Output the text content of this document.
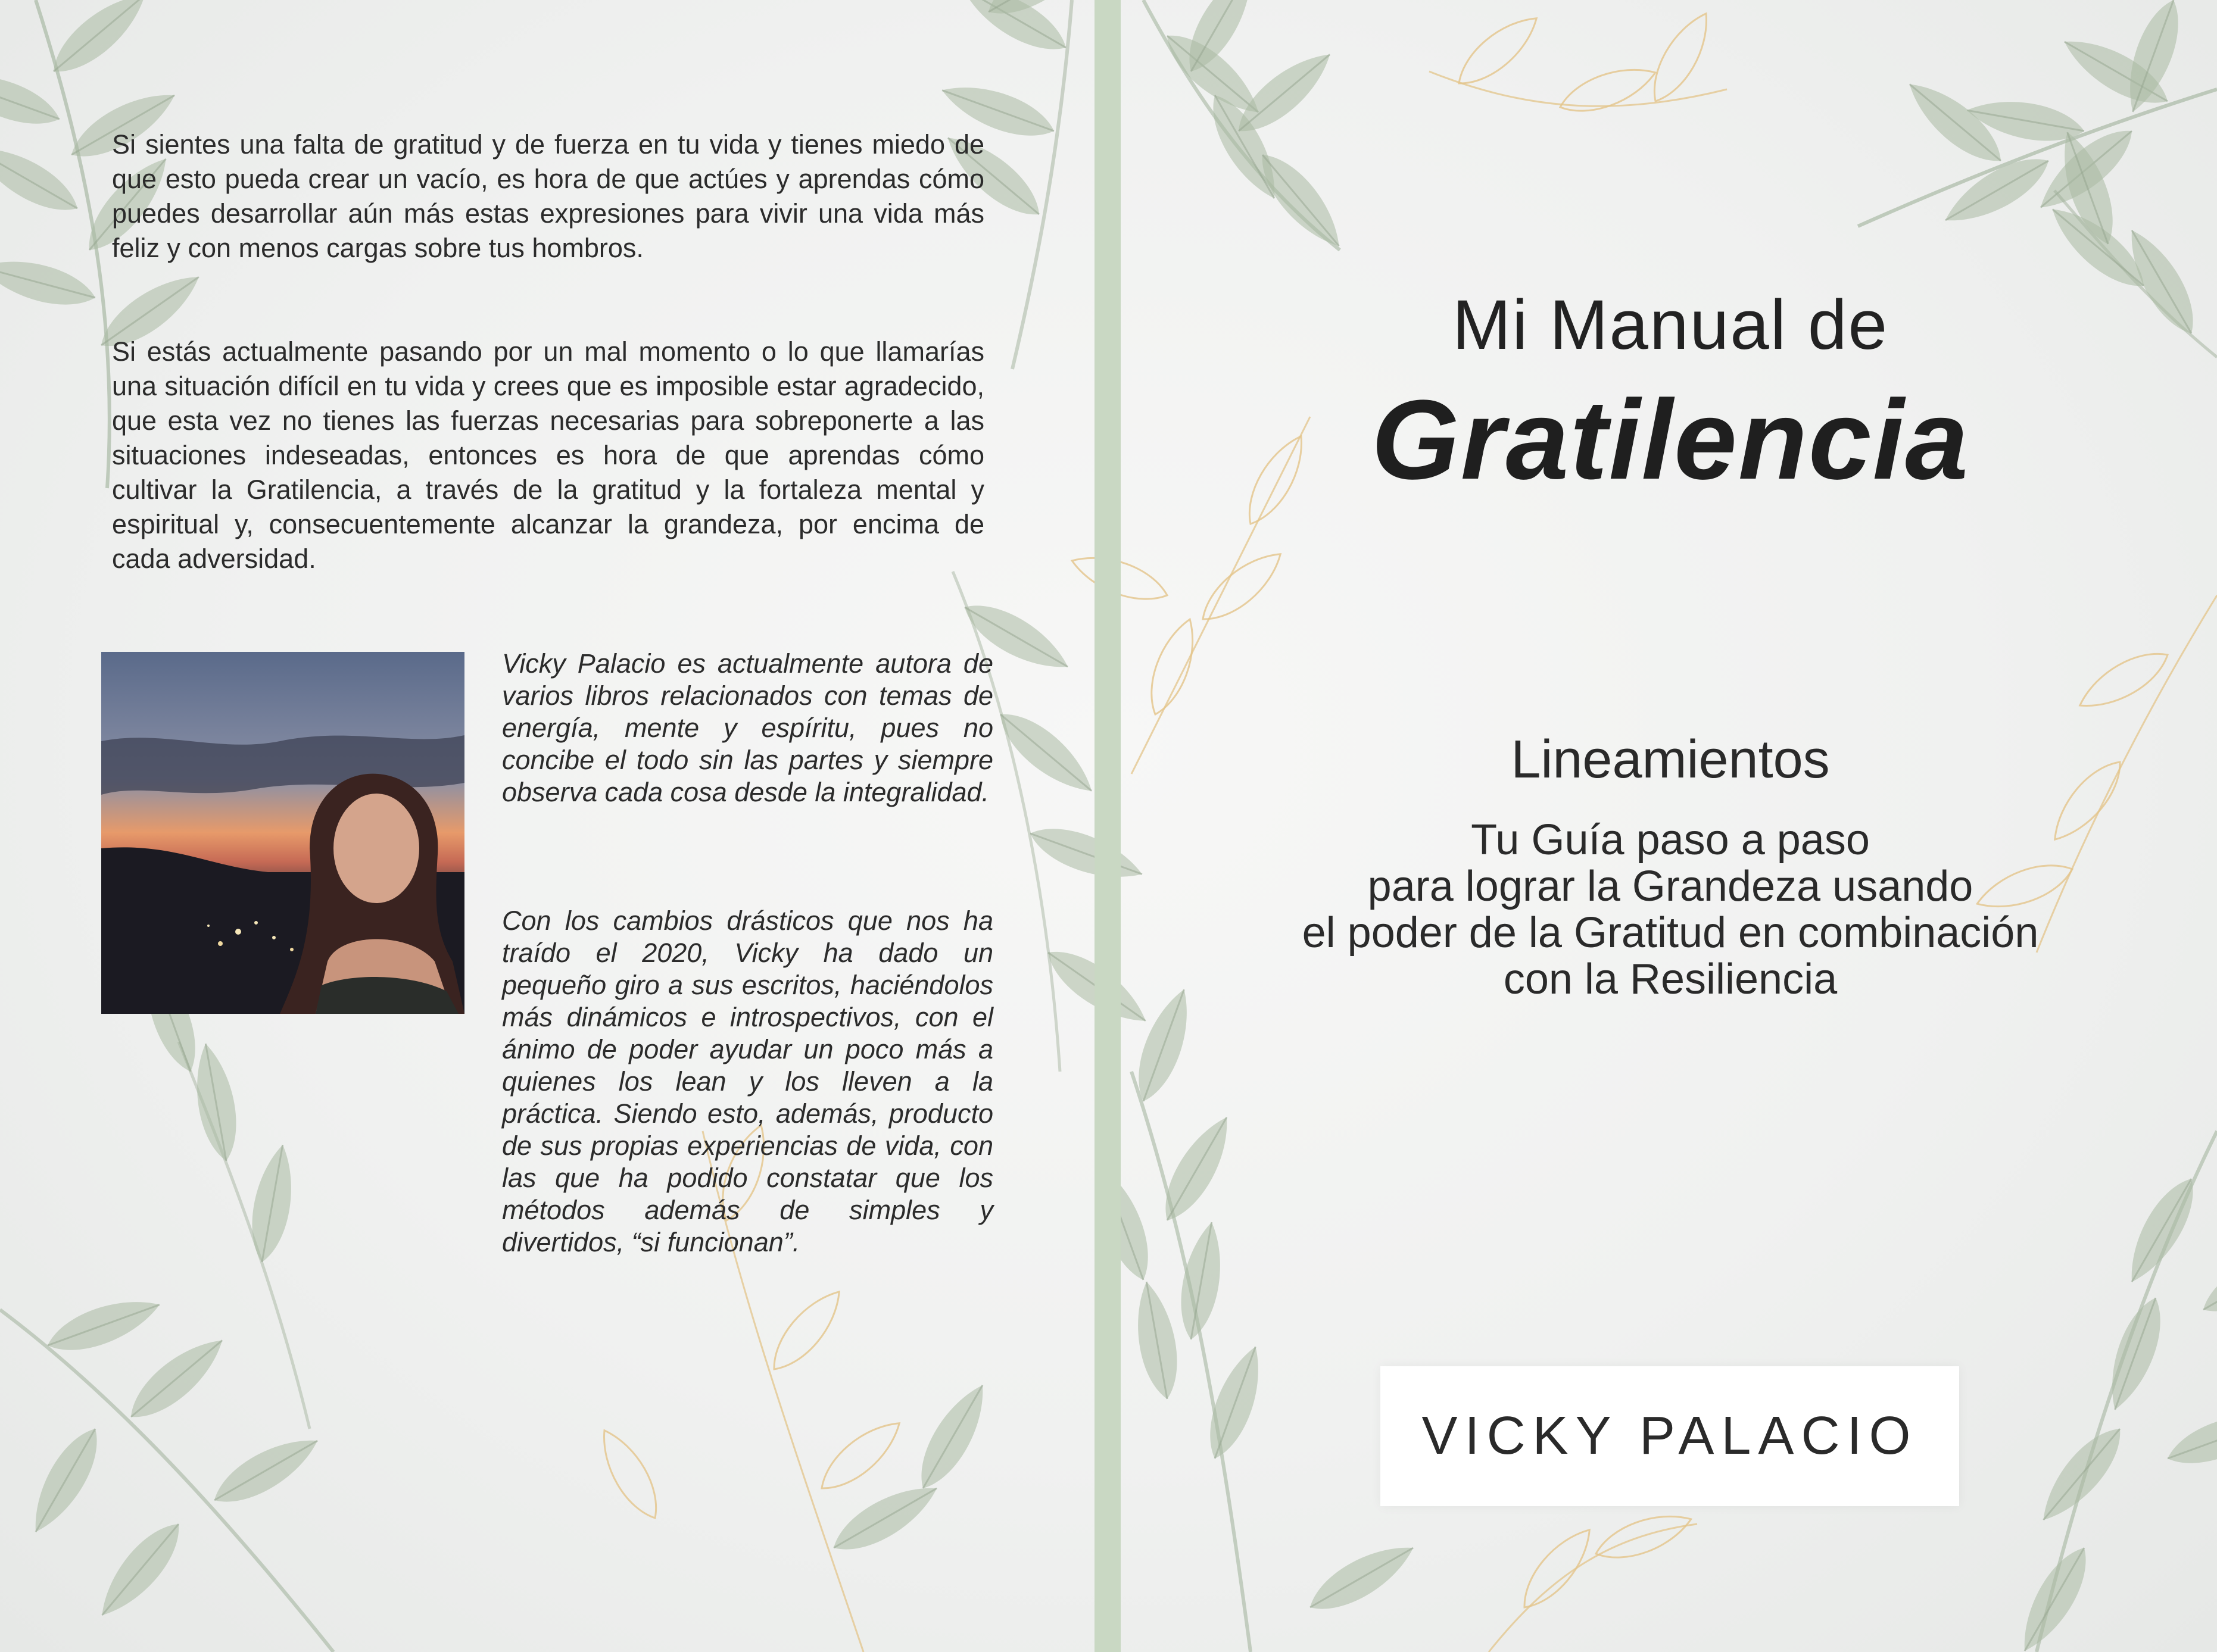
Si sientes una falta de gratitud y de fuerza en tu vida y tienes miedo de que esto pueda crear un vacío, es hora de que actúes y aprendas cómo puedes desarrollar aún más estas expresiones para vivir una vida más feliz y con menos cargas sobre tus hombros.
Si estás actualmente pasando por un mal momento o lo que llamarías una situación difícil en tu vida y crees que es imposible estar agradecido, que esta vez no tienes las fuerzas necesarias para sobreponerte a las situaciones indeseadas, entonces es hora de que aprendas cómo cultivar la Gratilencia, a través de la gratitud y la fortaleza mental y espiritual y, consecuentemente alcanzar la grandeza, por encima de cada adversidad.
Vicky Palacio es actualmente autora de varios libros relacionados con temas de energía, mente y espíritu, pues no concibe el todo sin las partes y siempre observa cada cosa desde la integralidad.
Con los cambios drásticos que nos ha traído el 2020, Vicky ha dado un pequeño giro a sus escritos, haciéndolos más dinámicos e introspectivos, con el ánimo de poder ayudar un poco más a quienes los lean y los lleven a la práctica. Siendo esto, además, producto de sus propias experiencias de vida, con las que ha podido constatar que los métodos además de simples y divertidos, “si funcionan”.
Mi Manual de
Gratilencia
Lineamientos
Tu Guía paso a paso
para lograr la Grandeza usando
el poder de la Gratitud en combinación
con la Resiliencia
VICKY PALACIO
